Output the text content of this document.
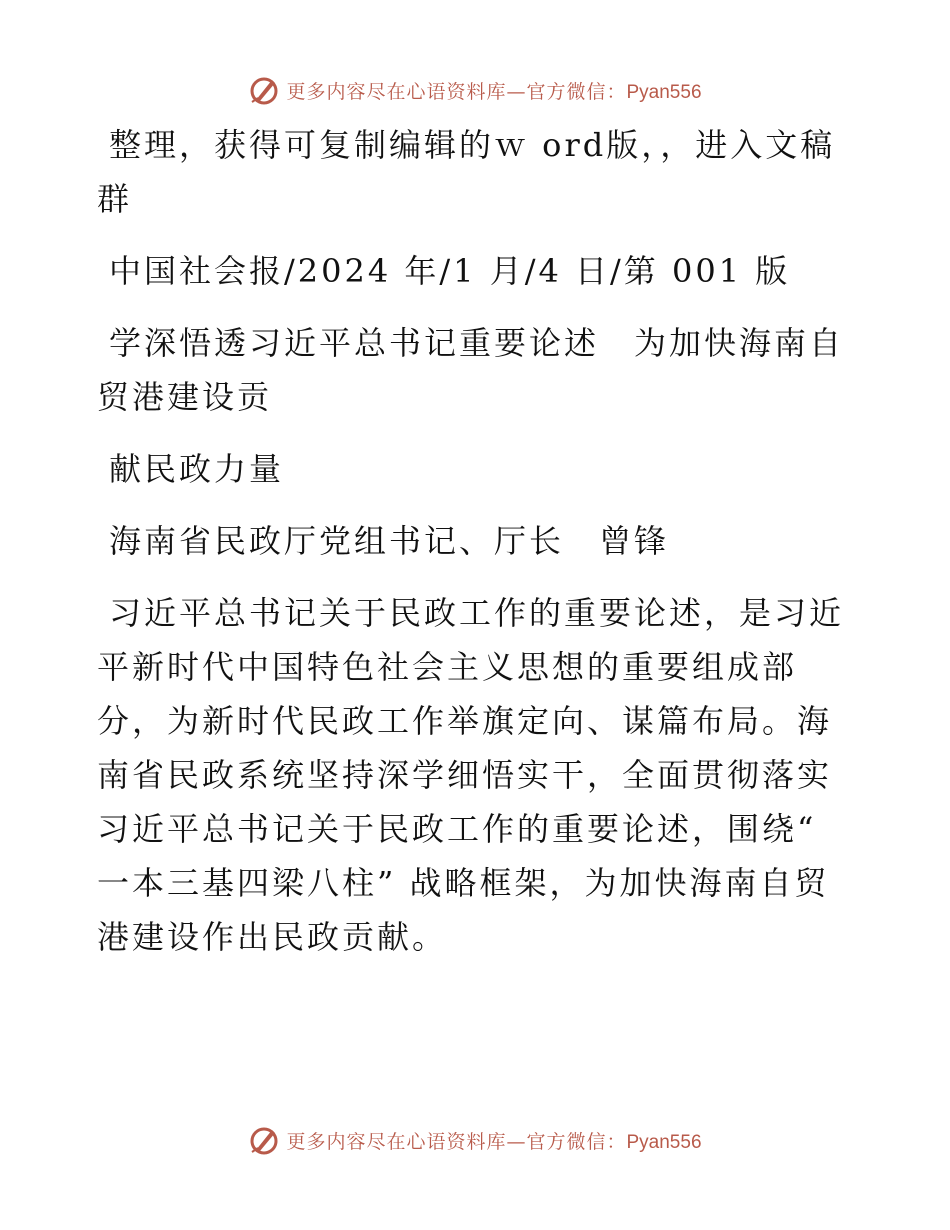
更多内容尽在心语资料库—官方微信：Pyan556

整理，获得可复制编辑的ｗ ord版，，进入文稿群

中国社会报/2024 年/1 月/4 日/第 001 版

学深悟透习近平总书记重要论述　为加快海南自贸港建设贡

献民政力量

海南省民政厅党组书记、厅长　曾锋

习近平总书记关于民政工作的重要论述，是习近平新时代中国特色社会主义思想的重要组成部分，为新时代民政工作举旗定向、谋篇布局。海南省民政系统坚持深学细悟实干，全面贯彻落实习近平总书记关于民政工作的重要论述，围绕“ 一本三基四梁八柱” 战略框架，为加快海南自贸港建设作出民政贡献。

更多内容尽在心语资料库—官方微信：Pyan556
